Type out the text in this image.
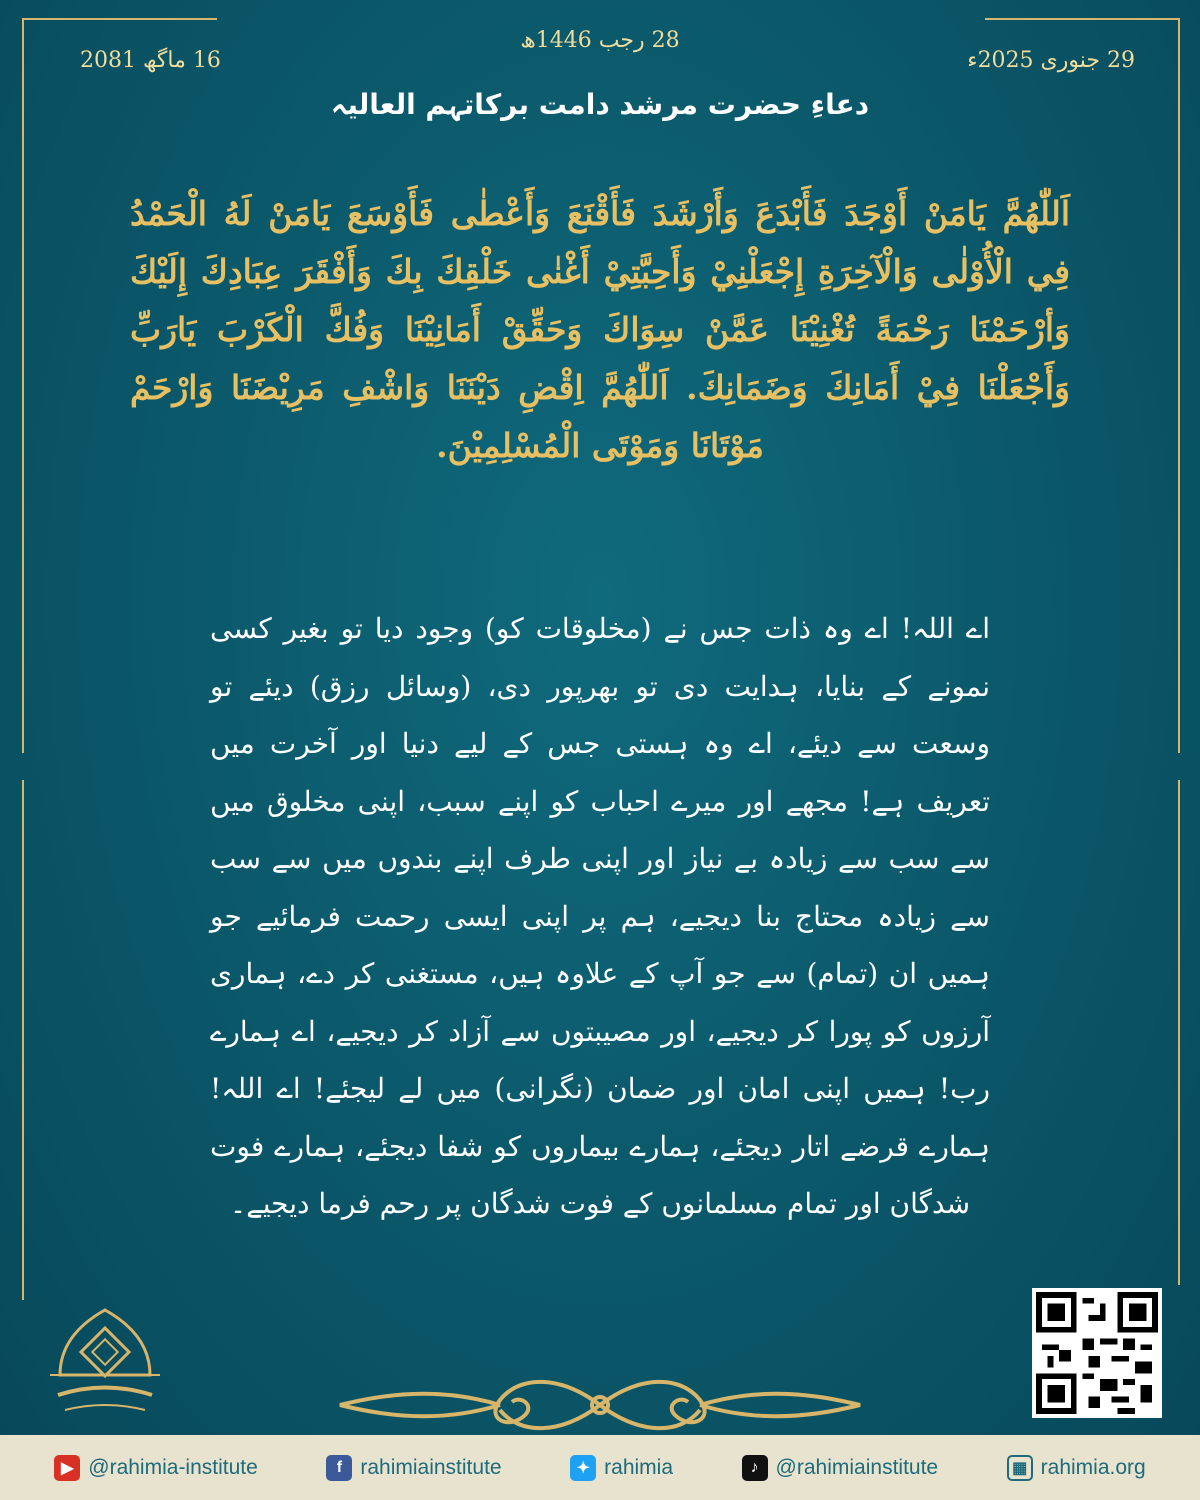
28 رجب 1446ھ
29 جنوری 2025ء
16 ماگھ 2081
دعاءِ حضرت مرشد دامت برکاتہم العالیہ
اَللّٰهُمَّ يَامَنْ أَوْجَدَ فَأَبْدَعَ وَأَرْشَدَ فَأَقْنَعَ وَأَعْطٰى فَأَوْسَعَ يَامَنْ لَهُ الْحَمْدُ فِي الْأُوْلٰى وَالْآخِرَةِ إِجْعَلْنِيْ وَأَحِبَّتِيْ أَغْنٰى خَلْقِكَ بِكَ وَأَفْقَرَ عِبَادِكَ إِلَيْكَ وَأرْحَمْنَا رَحْمَةً تُغْنِيْنَا عَمَّنْ سِوَاكَ وَحَقِّقْ أَمَانِيْنَا وَفُكَّ الْكَرْبَ يَارَبِّ وَأَجْعَلْنَا فِيْ أَمَانِكَ وَضَمَانِكَ. اَللّٰهُمَّ اِقْضِ دَيْنَنَا وَاشْفِ مَرِيْضَنَا وَارْحَمْ مَوْتَانَا وَمَوْتَى الْمُسْلِمِيْنَ.
اے اللہ! اے وہ ذات جس نے (مخلوقات کو) وجود دیا تو بغیر کسی نمونے کے بنایا، ہدایت دی تو بھرپور دی، (وسائل رزق) دیئے تو وسعت سے دیئے، اے وہ ہستی جس کے لیے دنیا اور آخرت میں تعریف ہے! مجھے اور میرے احباب کو اپنے سبب، اپنی مخلوق میں سے سب سے زیادہ بے نیاز اور اپنی طرف اپنے بندوں میں سے سب سے زیادہ محتاج بنا دیجیے، ہم پر اپنی ایسی رحمت فرمائیے جو ہمیں ان (تمام) سے جو آپ کے علاوہ ہیں، مستغنی کر دے، ہماری آرزوں کو پورا کر دیجیے، اور مصیبتوں سے آزاد کر دیجیے، اے ہمارے رب! ہمیں اپنی امان اور ضمان (نگرانی) میں لے لیجئے! اے اللہ! ہمارے قرضے اتار دیجئے، ہمارے بیماروں کو شفا دیجئے، ہمارے فوت شدگان اور تمام مسلمانوں کے فوت شدگان پر رحم فرما دیجیے۔
▶ @rahimia-institute	f rahimiainstitute	✦ rahimia	♪ @rahimiainstitute	▦ rahimia.org
